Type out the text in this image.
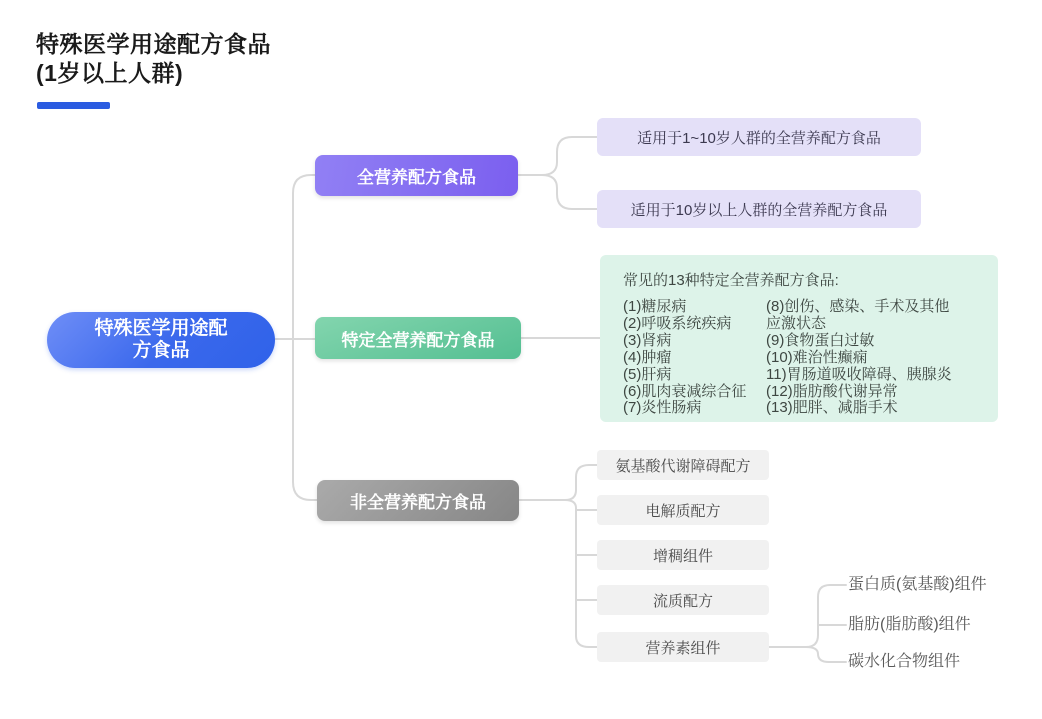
特殊医学用途配方食品
(1岁以上人群)
特殊医学用途配
方食品
全营养配方食品
特定全营养配方食品
非全营养配方食品
适用于1~10岁人群的全营养配方食品
适用于10岁以上人群的全营养配方食品
常见的13种特定全营养配方食品:
(1)糖尿病
(2)呼吸系统疾病
(3)肾病
(4)肿瘤
(5)肝病
(6)肌肉衰减综合征
(7)炎性肠病
(8)创伤、感染、手术及其他
应激状态
(9)食物蛋白过敏
(10)难治性癫痫
11)胃肠道吸收障碍、胰腺炎
(12)脂肪酸代谢异常
(13)肥胖、减脂手术
氨基酸代谢障碍配方
电解质配方
增稠组件
流质配方
营养素组件
蛋白质(氨基酸)组件
脂肪(脂肪酸)组件
碳水化合物组件
